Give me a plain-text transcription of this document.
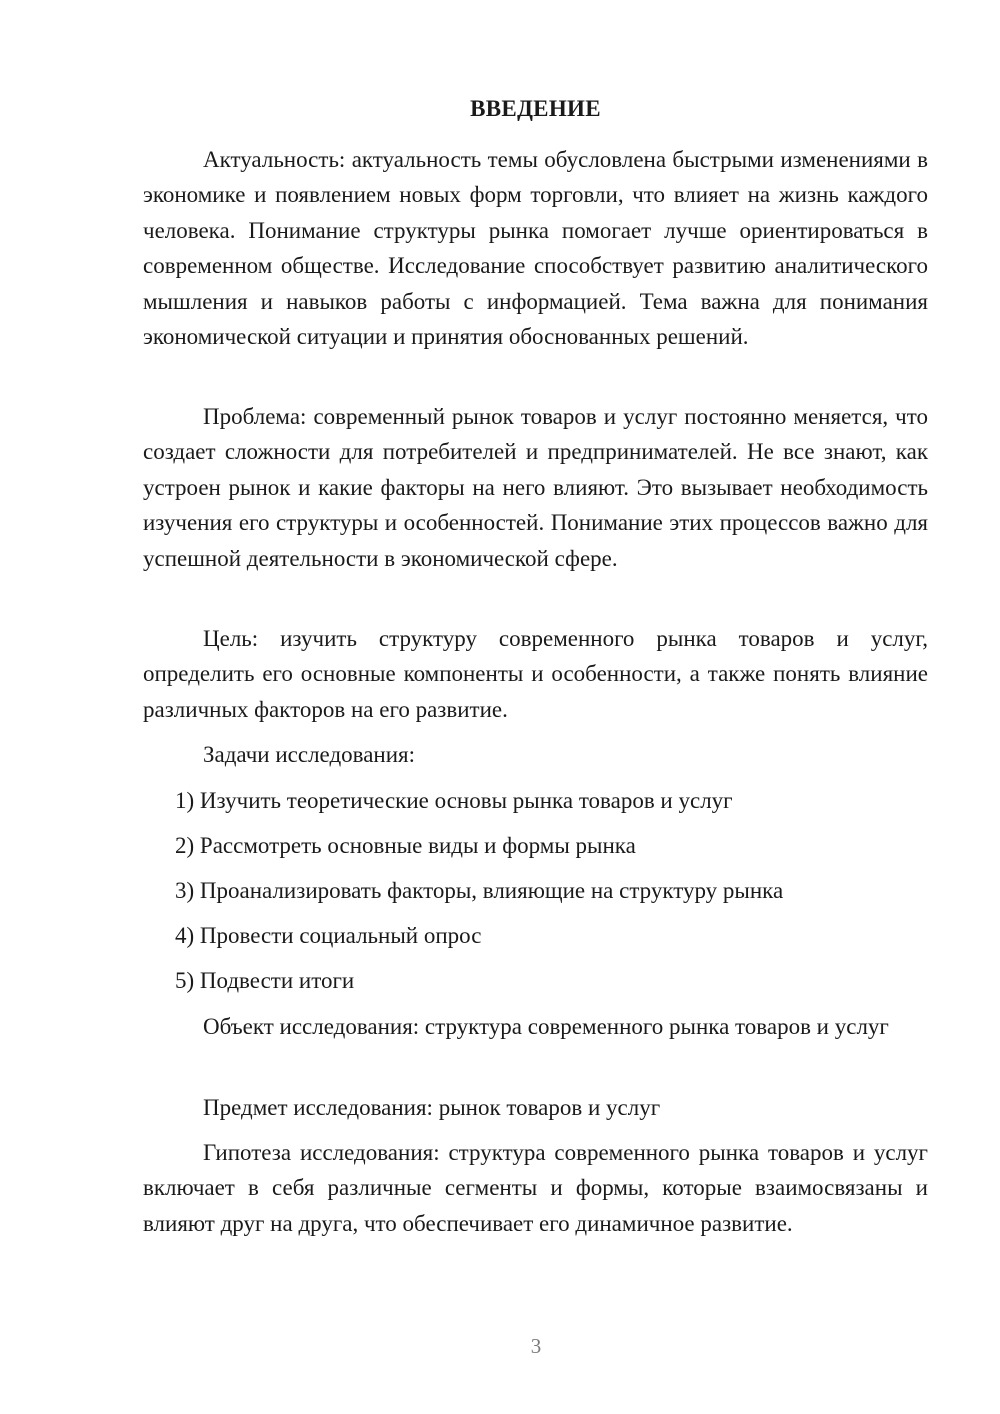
ВВЕДЕНИЕ

Актуальность: актуальность темы обусловлена быстрыми изменениями в экономике и появлением новых форм торговли, что влияет на жизнь каждого человека. Понимание структуры рынка помогает лучше ориентироваться в современном обществе. Исследование способствует развитию аналитического мышления и навыков работы с информацией. Тема важна для понимания экономической ситуации и принятия обоснованных решений.

Проблема: современный рынок товаров и услуг постоянно меняется, что создает сложности для потребителей и предпринимателей. Не все знают, как устроен рынок и какие факторы на него влияют. Это вызывает необходимость изучения его структуры и особенностей. Понимание этих процессов важно для успешной деятельности в экономической сфере.

Цель: изучить структуру современного рынка товаров и услуг, определить его основные компоненты и особенности, а также понять влияние различных факторов на его развитие.

Задачи исследования:

1) Изучить теоретические основы рынка товаров и услуг

2) Рассмотреть основные виды и формы рынка

3) Проанализировать факторы, влияющие на структуру рынка

4) Провести социальный опрос

5) Подвести итоги

Объект исследования: структура современного рынка товаров и услуг

Предмет исследования: рынок товаров и услуг

Гипотеза исследования: структура современного рынка товаров и услуг включает в себя различные сегменты и формы, которые взаимосвязаны и влияют друг на друга, что обеспечивает его динамичное развитие.

3
